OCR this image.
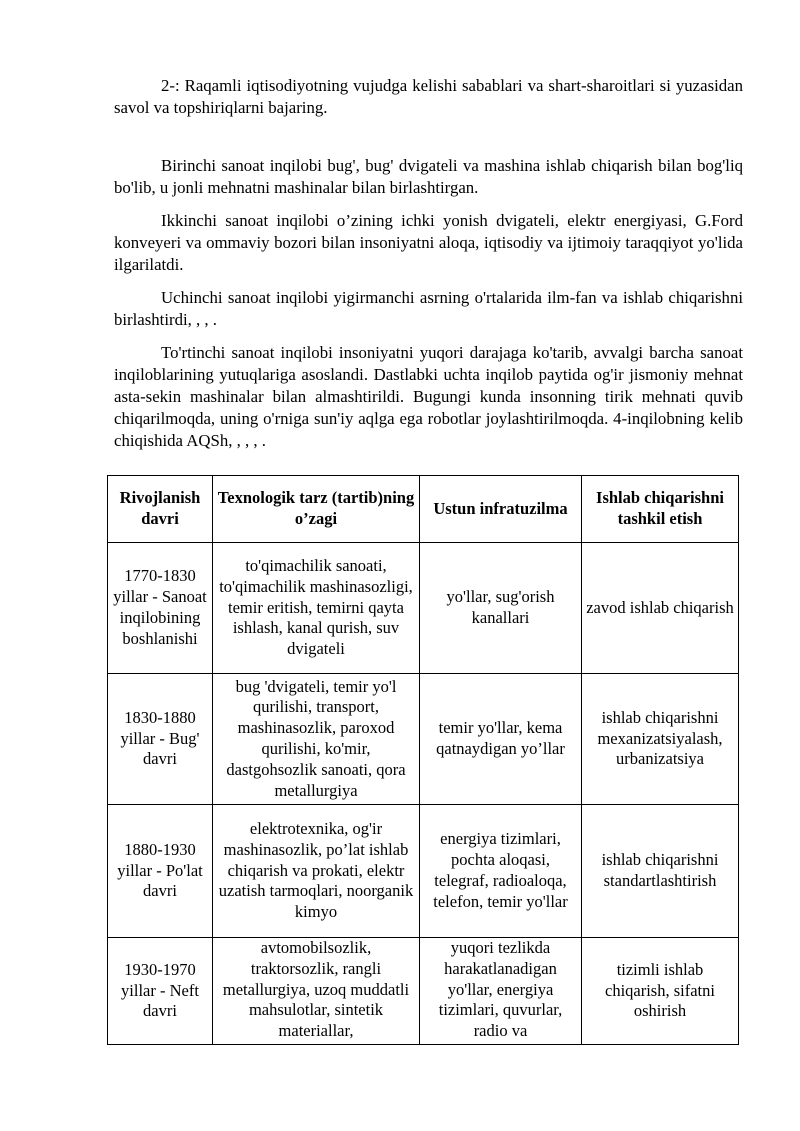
2-: Raqamli iqtisodiyotning vujudga kelishi sabablari va shart-sharoitlari si yuzasidan savol va topshiriqlarni bajaring.

Birinchi sanoat inqilobi bug', bug' dvigateli va mashina ishlab chiqarish bilan bog'liq bo'lib, u jonli mehnatni mashinalar bilan birlashtirgan.

Ikkinchi sanoat inqilobi o’zining ichki yonish dvigateli, elektr energiyasi, G.Ford konveyeri va ommaviy bozori bilan insoniyatni aloqa, iqtisodiy va ijtimoiy taraqqiyot yo'lida ilgarilatdi.

Uchinchi sanoat inqilobi yigirmanchi asrning o'rtalarida ilm-fan va ishlab chiqarishni birlashtirdi, , , .

To'rtinchi sanoat inqilobi insoniyatni yuqori darajaga ko'tarib, avvalgi barcha sanoat inqiloblarining yutuqlariga asoslandi. Dastlabki uchta inqilob paytida og'ir jismoniy mehnat asta-sekin mashinalar bilan almashtirildi. Bugungi kunda insonning tirik mehnati quvib chiqarilmoqda, uning o'rniga sun'iy aqlga ega robotlar joylashtirilmoqda. 4-inqilobning kelib chiqishida AQSh, , , , .

Rivojlanish davri	Texnologik tarz (tartib)ning o’zagi	Ustun infratuzilma	Ishlab chiqarishni tashkil etish
1770-1830 yillar - Sanoat inqilobining boshlanishi	to'qimachilik sanoati, to'qimachilik mashinasozligi, temir eritish, temirni qayta ishlash, kanal qurish, suv dvigateli	yo'llar, sug'orish kanallari	zavod ishlab chiqarish
1830-1880 yillar - Bug' davri	bug 'dvigateli, temir yo'l qurilishi, transport, mashinasozlik, paroxod qurilishi, ko'mir, dastgohsozlik sanoati, qora metallurgiya	temir yo'llar, kema qatnaydigan yo’llar	ishlab chiqarishni mexanizatsiyalash, urbanizatsiya
1880-1930 yillar - Po'lat davri	elektrotexnika, og'ir mashinasozlik, po’lat ishlab chiqarish va prokati, elektr uzatish tarmoqlari, noorganik kimyo	energiya tizimlari, pochta aloqasi, telegraf, radioaloqa, telefon, temir yo'llar	ishlab chiqarishni standartlashtirish
1930-1970 yillar - Neft davri	avtomobilsozlik, traktorsozlik, rangli metallurgiya, uzoq muddatli mahsulotlar, sintetik materiallar,	yuqori tezlikda harakatlanadigan yo'llar, energiya tizimlari, quvurlar, radio va	tizimli ishlab chiqarish, sifatni oshirish
